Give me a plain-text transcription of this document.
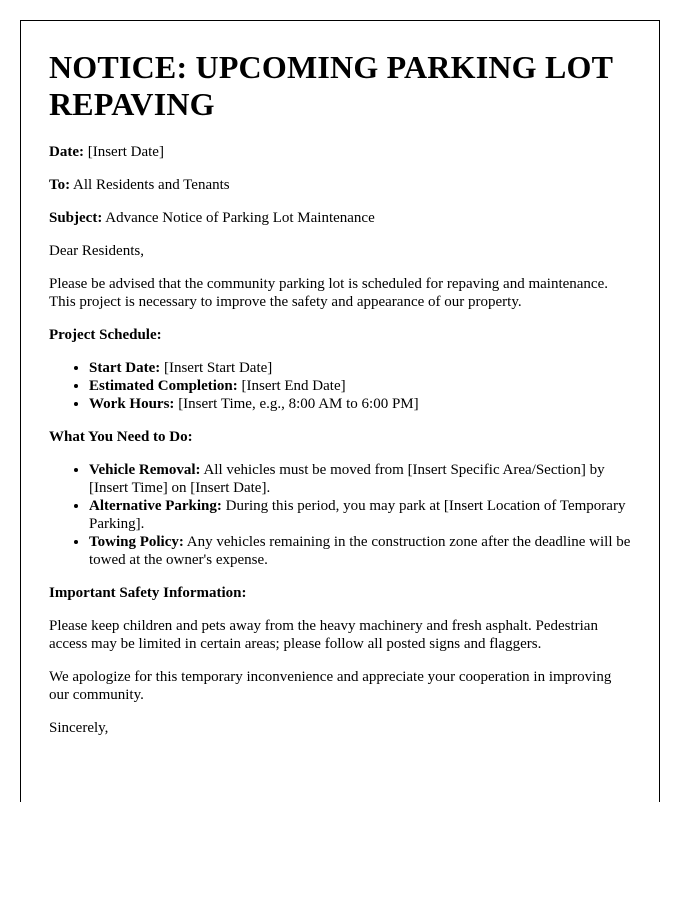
NOTICE: UPCOMING PARKING LOT REPAVING

Date: [Insert Date]

To: All Residents and Tenants

Subject: Advance Notice of Parking Lot Maintenance

Dear Residents,

Please be advised that the community parking lot is scheduled for repaving and maintenance. This project is necessary to improve the safety and appearance of our property.

Project Schedule:

• Start Date: [Insert Start Date]
• Estimated Completion: [Insert End Date]
• Work Hours: [Insert Time, e.g., 8:00 AM to 6:00 PM]

What You Need to Do:

• Vehicle Removal: All vehicles must be moved from [Insert Specific Area/Section] by [Insert Time] on [Insert Date].
• Alternative Parking: During this period, you may park at [Insert Location of Temporary Parking].
• Towing Policy: Any vehicles remaining in the construction zone after the deadline will be towed at the owner's expense.

Important Safety Information:

Please keep children and pets away from the heavy machinery and fresh asphalt. Pedestrian access may be limited in certain areas; please follow all posted signs and flaggers.

We apologize for this temporary inconvenience and appreciate your cooperation in improving our community.

Sincerely,
